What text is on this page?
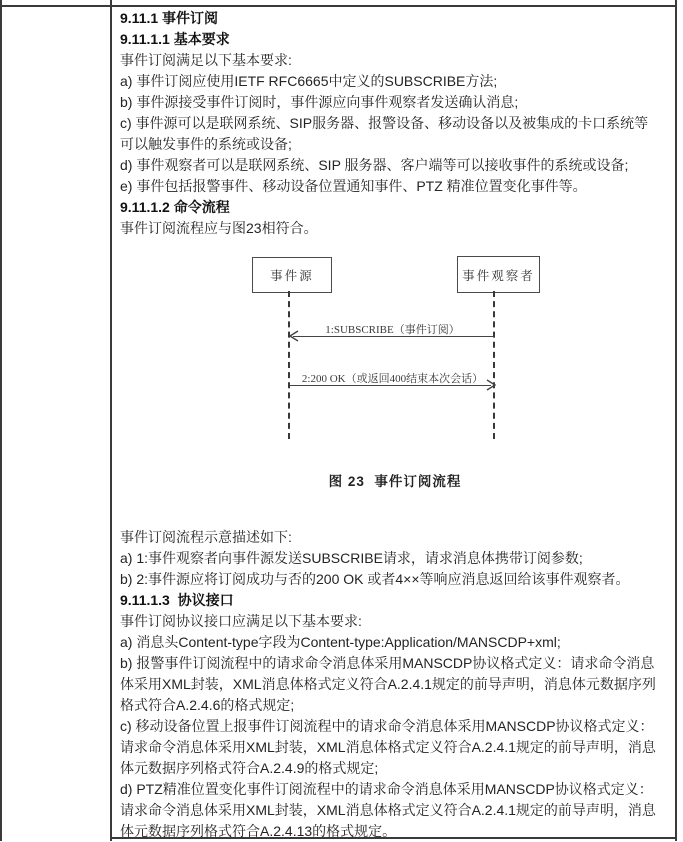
9.11.1 事件订阅
9.11.1.1 基本要求
事件订阅满足以下基本要求:
a) 事件订阅应使用IETF RFC6665中定义的SUBSCRIBE方法;
b) 事件源接受事件订阅时，事件源应向事件观察者发送确认消息;
c) 事件源可以是联网系统、SIP服务器、报警设备、移动设备以及被集成的卡口系统等
可以触发事件的系统或设备;
d) 事件观察者可以是联网系统、SIP 服务器、客户端等可以接收事件的系统或设备;
e) 事件包括报警事件、移动设备位置通知事件、PTZ 精准位置变化事件等。
9.11.1.2 命令流程
事件订阅流程应与图23相符合。
事件订阅流程示意描述如下:
a) 1:事件观察者向事件源发送SUBSCRIBE请求，请求消息体携带订阅参数;
b) 2:事件源应将订阅成功与否的200 OK 或者4××等响应消息返回给该事件观察者。
9.11.1.3  协议接口
事件订阅协议接口应满足以下基本要求:
a) 消息头Content-type字段为Content-type:Application/MANSCDP+xml;
b) 报警事件订阅流程中的请求命令消息体采用MANSCDP协议格式定义：请求命令消息
体采用XML封装，XML消息体格式定义符合A.2.4.1规定的前导声明，消息体元数据序列
格式符合A.2.4.6的格式规定;
c) 移动设备位置上报事件订阅流程中的请求命令消息体采用MANSCDP协议格式定义：
请求命令消息体采用XML封装，XML消息体格式定义符合A.2.4.1规定的前导声明，消息
体元数据序列格式符合A.2.4.9的格式规定;
d) PTZ精准位置变化事件订阅流程中的请求命令消息体采用MANSCDP协议格式定义：
请求命令消息体采用XML封装，XML消息体格式定义符合A.2.4.1规定的前导声明，消息
体元数据序列格式符合A.2.4.13的格式规定。
事件源	事件观察者
1:SUBSCRIBE（事件订阅）
2:200 OK（或返回400结束本次会话）
图 23  事件订阅流程
